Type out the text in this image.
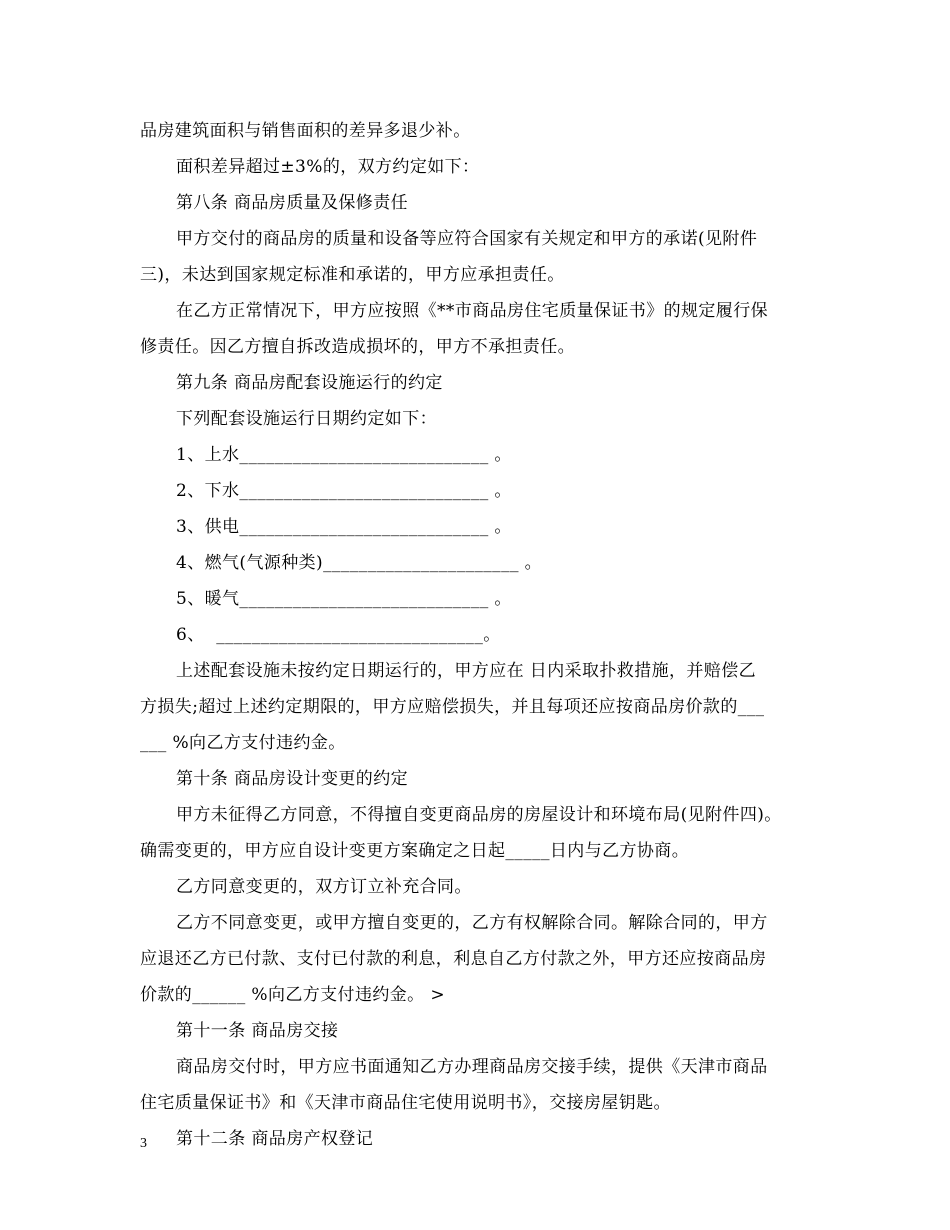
品房建筑面积与销售面积的差异多退少补。
面积差异超过±3%的，双方约定如下：
第八条 商品房质量及保修责任
甲方交付的商品房的质量和设备等应符合国家有关规定和甲方的承诺(见附件
三)，未达到国家规定标准和承诺的，甲方应承担责任。
在乙方正常情况下，甲方应按照《**市商品房住宅质量保证书》的规定履行保
修责任。因乙方擅自拆改造成损坏的，甲方不承担责任。
第九条 商品房配套设施运行的约定
下列配套设施运行日期约定如下：
1、上水____________________________ 。
2、下水____________________________ 。
3、供电____________________________ 。
4、燃气(气源种类)______________________ 。
5、暖气____________________________ 。
6、  ______________________________。
上述配套设施未按约定日期运行的，甲方应在 日内采取扑救措施，并赔偿乙
方损失;超过上述约定期限的，甲方应赔偿损失，并且每项还应按商品房价款的___
___ %向乙方支付违约金。
第十条 商品房设计变更的约定
甲方未征得乙方同意，不得擅自变更商品房的房屋设计和环境布局(见附件四)。
确需变更的，甲方应自设计变更方案确定之日起_____日内与乙方协商。
乙方同意变更的，双方订立补充合同。
乙方不同意变更，或甲方擅自变更的，乙方有权解除合同。解除合同的，甲方
应退还乙方已付款、支付已付款的利息，利息自乙方付款之外，甲方还应按商品房
价款的______ %向乙方支付违约金。 >
第十一条 商品房交接
商品房交付时，甲方应书面通知乙方办理商品房交接手续，提供《天津市商品
住宅质量保证书》和《天津市商品住宅使用说明书》，交接房屋钥匙。
第十二条 商品房产权登记
3
